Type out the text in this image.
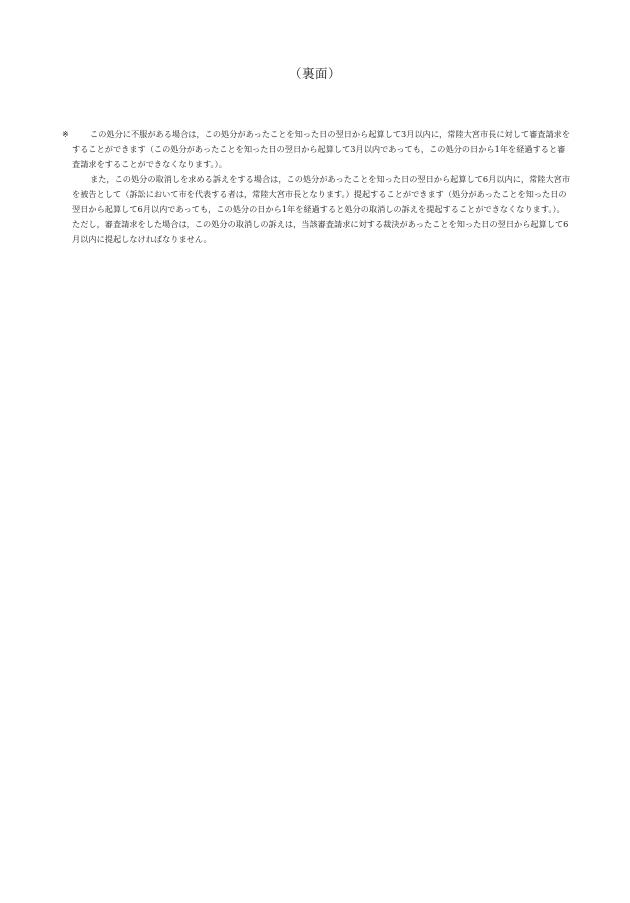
（裏面）
※	この処分に不服がある場合は，この処分があったことを知った日の翌日から起算して3月以内に，常陸大宮市長に対して審査請求をすることができます（この処分があったことを知った日の翌日から起算して3月以内であっても，この処分の日から1年を経過すると審査請求をすることができなくなります。）。

また，この処分の取消しを求める訴えをする場合は，この処分があったことを知った日の翌日から起算して6月以内に，常陸大宮市を被告として（訴訟において市を代表する者は，常陸大宮市長となります。）提起することができます（処分があったことを知った日の翌日から起算して6月以内であっても，この処分の日から1年を経過すると処分の取消しの訴えを提起することができなくなります。）。ただし，審査請求をした場合は，この処分の取消しの訴えは，当該審査請求に対する裁決があったことを知った日の翌日から起算して6月以内に提起しなければなりません。
